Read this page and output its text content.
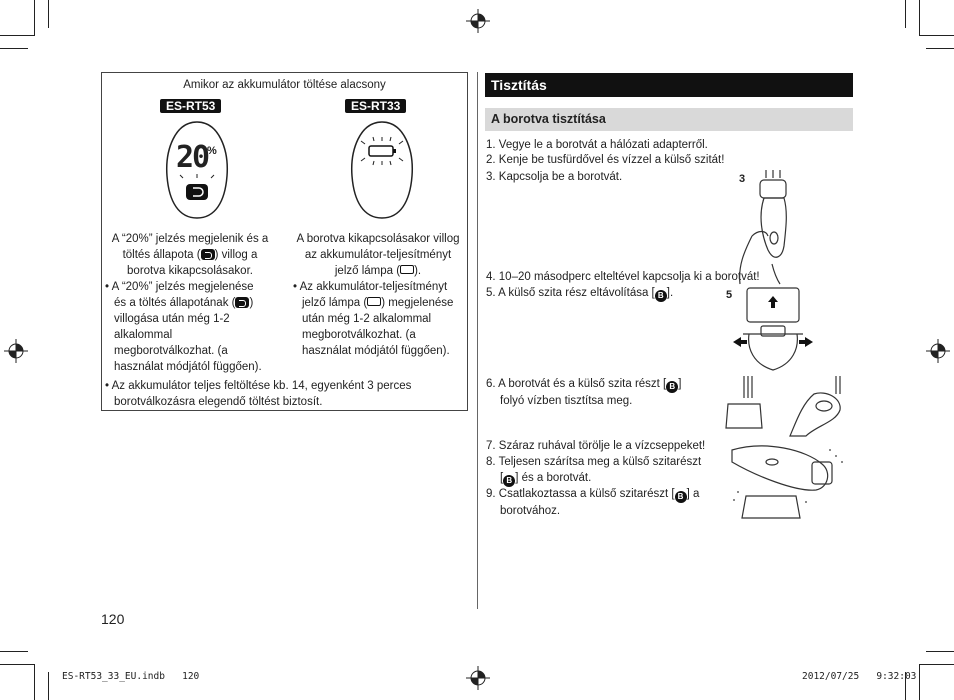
Amikor az akkumulátor töltése alacsony
ES-RT53	ES-RT33
20
%
A “20%” jelzés megjelenik és a
töltés állapota ( ) villog a
borotva kikapcsolásakor.
• A “20%” jelzés megjelenése
és a töltés állapotának ( )
villogása után még 1-2
alkalommal
megborotválkozhat. (a
használat módjától függően).
A borotva kikapcsolásakor villog
az akkumulátor-teljesítményt
jelző lámpa ( ).
• Az akkumulátor-teljesítményt
jelző lámpa ( ) megjelenése
után még 1-2 alkalommal
megborotválkozhat. (a
használat módjától függően).
• Az akkumulátor teljes feltöltése kb. 14, egyenként 3 perces
borotválkozásra elegendő töltést biztosít.
Tisztítás
A borotva tisztítása
1. Vegye le a borotvát a hálózati adapterről.
2. Kenje be tusfürdővel és vízzel a külső szitát!
3. Kapcsolja be a borotvát.
4. 10–20 másodperc elteltével kapcsolja ki a borotvát!
5. A külső szita rész eltávolítása [ B ].
6. A borotvát és a külső szita részt [ B ]
folyó vízben tisztítsa meg.
7. Száraz ruhával törölje le a vízcseppeket!
8. Teljesen szárítsa meg a külső szitarészt
[ B ] és a borotvát.
9. Csatlakoztassa a külső szitarészt [ B ] a
borotvához.
3
5
120
ES-RT53_33_EU.indb   120	2012/07/25   9:32:03
